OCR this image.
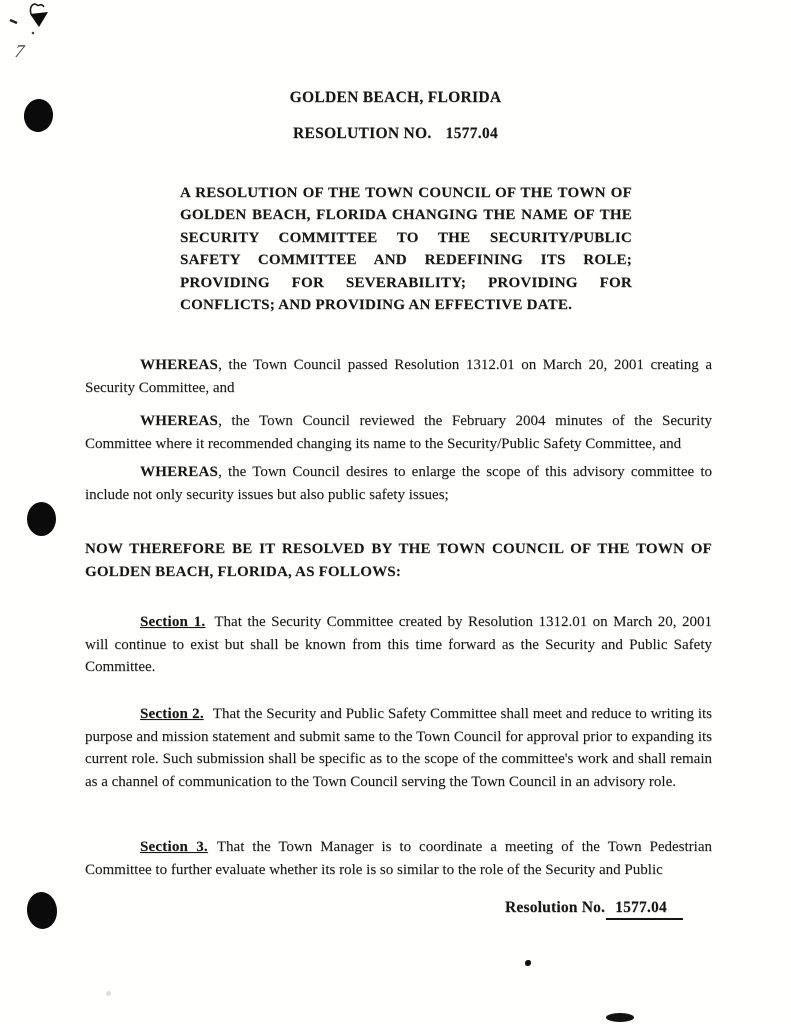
7
GOLDEN BEACH, FLORIDA
RESOLUTION NO. 1577.04
A RESOLUTION OF THE TOWN COUNCIL OF THE TOWN OF GOLDEN BEACH, FLORIDA CHANGING THE NAME OF THE SECURITY COMMITTEE TO THE SECURITY/PUBLIC SAFETY COMMITTEE AND REDEFINING ITS ROLE; PROVIDING FOR SEVERABILITY; PROVIDING FOR CONFLICTS; AND PROVIDING AN EFFECTIVE DATE.

WHEREAS, the Town Council passed Resolution 1312.01 on March 20, 2001 creating a Security Committee, and

WHEREAS, the Town Council reviewed the February 2004 minutes of the Security Committee where it recommended changing its name to the Security/Public Safety Committee, and

WHEREAS, the Town Council desires to enlarge the scope of this advisory committee to include not only security issues but also public safety issues;

NOW THEREFORE BE IT RESOLVED BY THE TOWN COUNCIL OF THE TOWN OF GOLDEN BEACH, FLORIDA, AS FOLLOWS:

Section 1. That the Security Committee created by Resolution 1312.01 on March 20, 2001 will continue to exist but shall be known from this time forward as the Security and Public Safety Committee.

Section 2. That the Security and Public Safety Committee shall meet and reduce to writing its purpose and mission statement and submit same to the Town Council for approval prior to expanding its current role. Such submission shall be specific as to the scope of the committee's work and shall remain as a channel of communication to the Town Council serving the Town Council in an advisory role.

Section 3. That the Town Manager is to coordinate a meeting of the Town Pedestrian Committee to further evaluate whether its role is so similar to the role of the Security and Public

Resolution No. 1577.04
